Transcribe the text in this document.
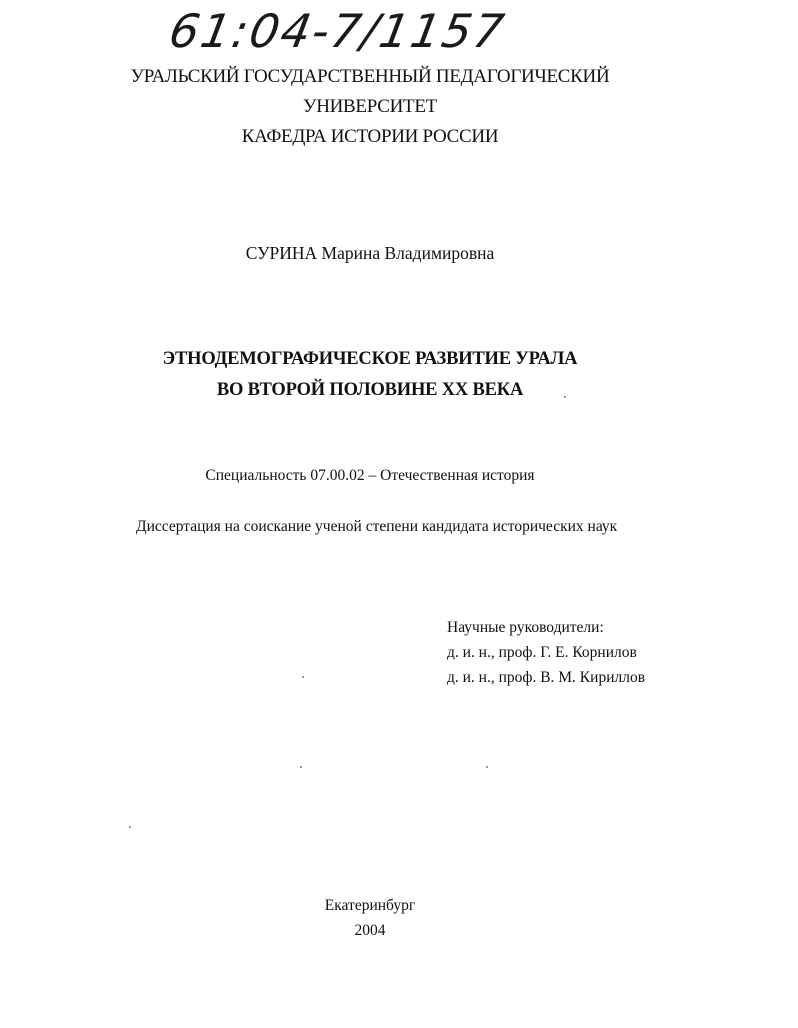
61:04-7/1157
УРАЛЬСКИЙ ГОСУДАРСТВЕННЫЙ ПЕДАГОГИЧЕСКИЙ
УНИВЕРСИТЕТ
КАФЕДРА ИСТОРИИ РОССИИ
СУРИНА Марина Владимировна
ЭТНОДЕМОГРАФИЧЕСКОЕ РАЗВИТИЕ УРАЛА
ВО ВТОРОЙ ПОЛОВИНЕ XX ВЕКА
Специальность 07.00.02 – Отечественная история
Диссертация на соискание ученой степени кандидата исторических наук
Научные руководители:
д. и. н., проф. Г. Е. Корнилов
д. и. н., проф. В. М. Кириллов
Екатеринбург
2004
